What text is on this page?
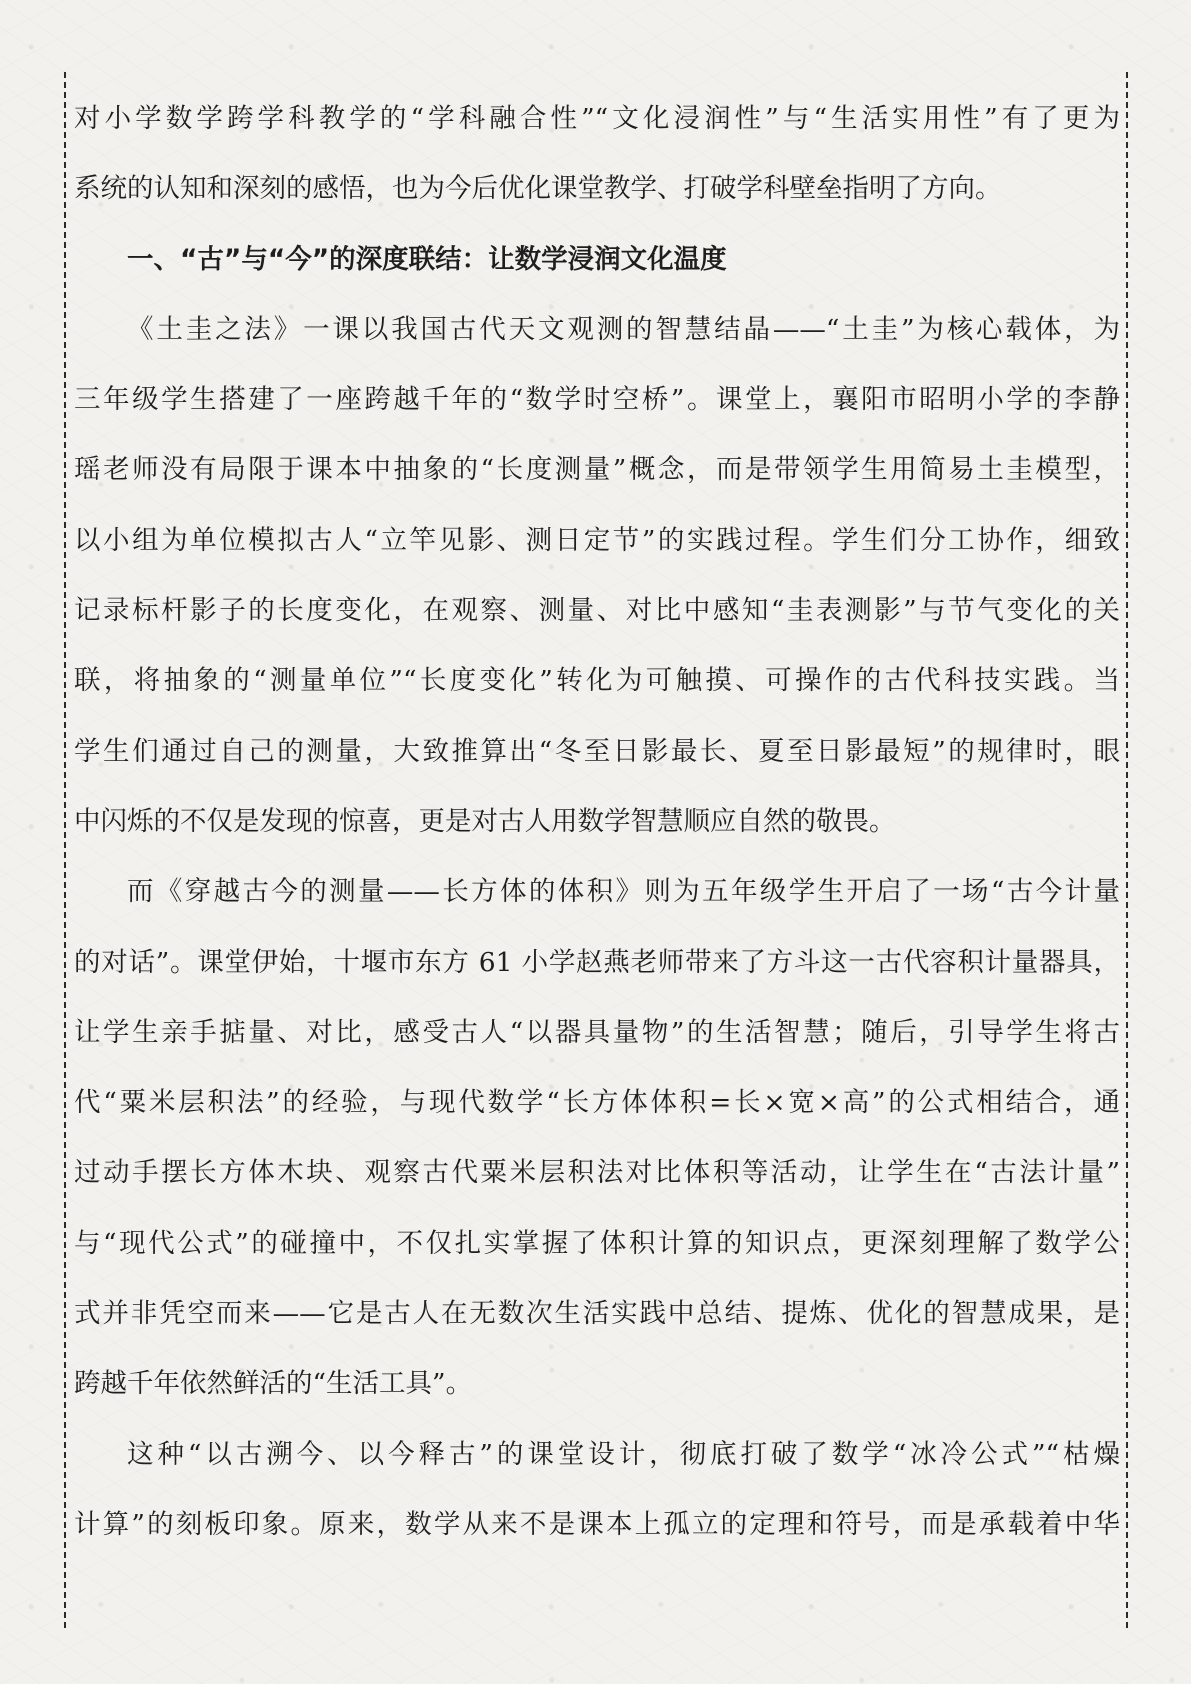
对小学数学跨学科教学的“学科融合性”“文化浸润性”与“生活实用性”有了更为
系统的认知和深刻的感悟，也为今后优化课堂教学、打破学科壁垒指明了方向。
一、“古”与“今”的深度联结：让数学浸润文化温度
《土圭之法》一课以我国古代天文观测的智慧结晶——“土圭”为核心载体，为
三年级学生搭建了一座跨越千年的“数学时空桥”。课堂上，襄阳市昭明小学的李静
瑶老师没有局限于课本中抽象的“长度测量”概念，而是带领学生用简易土圭模型，
以小组为单位模拟古人“立竿见影、测日定节”的实践过程。学生们分工协作，细致
记录标杆影子的长度变化，在观察、测量、对比中感知“圭表测影”与节气变化的关
联，将抽象的“测量单位”“长度变化”转化为可触摸、可操作的古代科技实践。当
学生们通过自己的测量，大致推算出“冬至日影最长、夏至日影最短”的规律时，眼
中闪烁的不仅是发现的惊喜，更是对古人用数学智慧顺应自然的敬畏。
而《穿越古今的测量——长方体的体积》则为五年级学生开启了一场“古今计量
的对话”。课堂伊始，十堰市东方 61 小学赵燕老师带来了方斗这一古代容积计量器具，
让学生亲手掂量、对比，感受古人“以器具量物”的生活智慧；随后，引导学生将古
代“粟米层积法”的经验，与现代数学“长方体体积=长×宽×高”的公式相结合，通
过动手摆长方体木块、观察古代粟米层积法对比体积等活动，让学生在“古法计量”
与“现代公式”的碰撞中，不仅扎实掌握了体积计算的知识点，更深刻理解了数学公
式并非凭空而来——它是古人在无数次生活实践中总结、提炼、优化的智慧成果，是
跨越千年依然鲜活的“生活工具”。
这种“以古溯今、以今释古”的课堂设计，彻底打破了数学“冰冷公式”“枯燥
计算”的刻板印象。原来，数学从来不是课本上孤立的定理和符号，而是承载着中华
